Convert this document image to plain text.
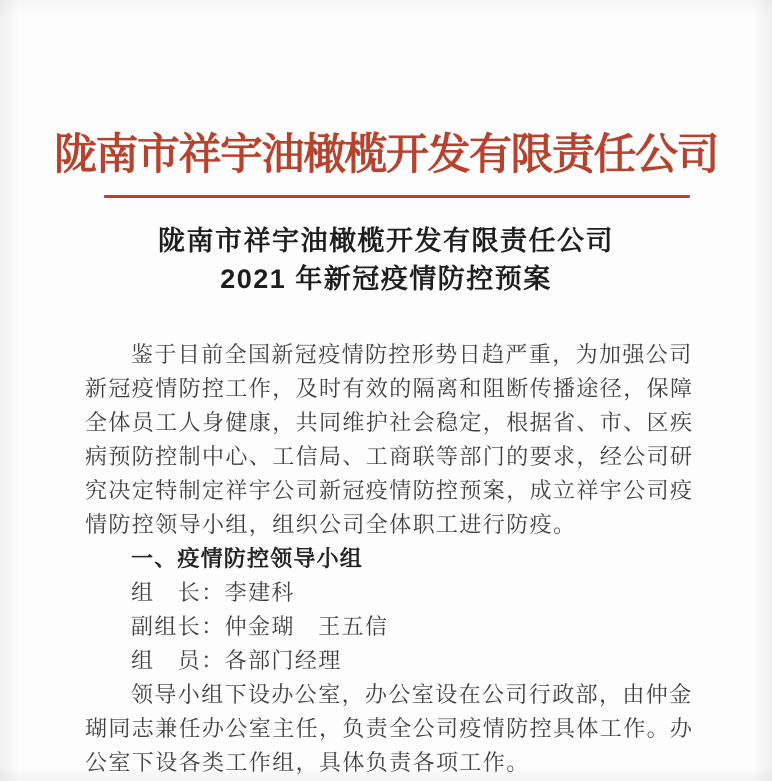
陇南市祥宇油橄榄开发有限责任公司
陇南市祥宇油橄榄开发有限责任公司
2021 年新冠疫情防控预案
鉴于目前全国新冠疫情防控形势日趋严重，为加强公司
新冠疫情防控工作，及时有效的隔离和阻断传播途径，保障
全体员工人身健康，共同维护社会稳定，根据省、市、区疾
病预防控制中心、工信局、工商联等部门的要求，经公司研
究决定特制定祥宇公司新冠疫情防控预案，成立祥宇公司疫
情防控领导小组，组织公司全体职工进行防疫。
一、疫情防控领导小组
组　长：李建科
副组长：仲金瑚　王五信
组　员：各部门经理
领导小组下设办公室，办公室设在公司行政部，由仲金
瑚同志兼任办公室主任，负责全公司疫情防控具体工作。办
公室下设各类工作组，具体负责各项工作。
